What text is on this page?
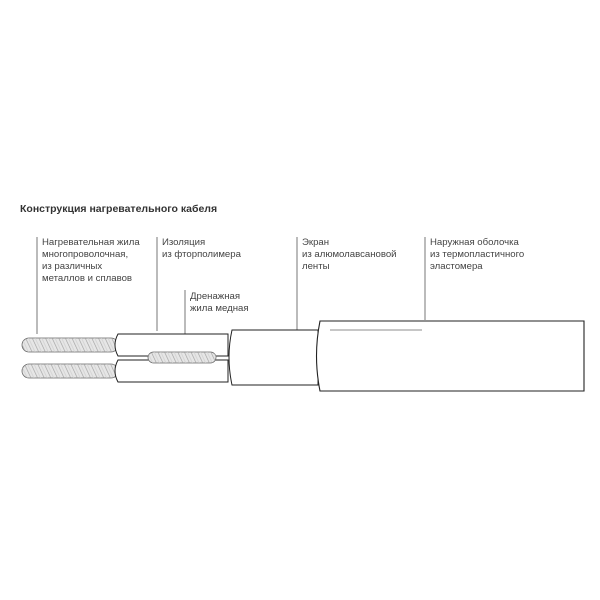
Конструкция нагревательного кабеля
Нагревательная жила
многопроволочная,
из различных
металлов и сплавов
Изоляция
из фторполимера
Дренажная
жила медная
Экран
из алюмолавсановой
ленты
Наружная оболочка
из термопластичного
эластомера
